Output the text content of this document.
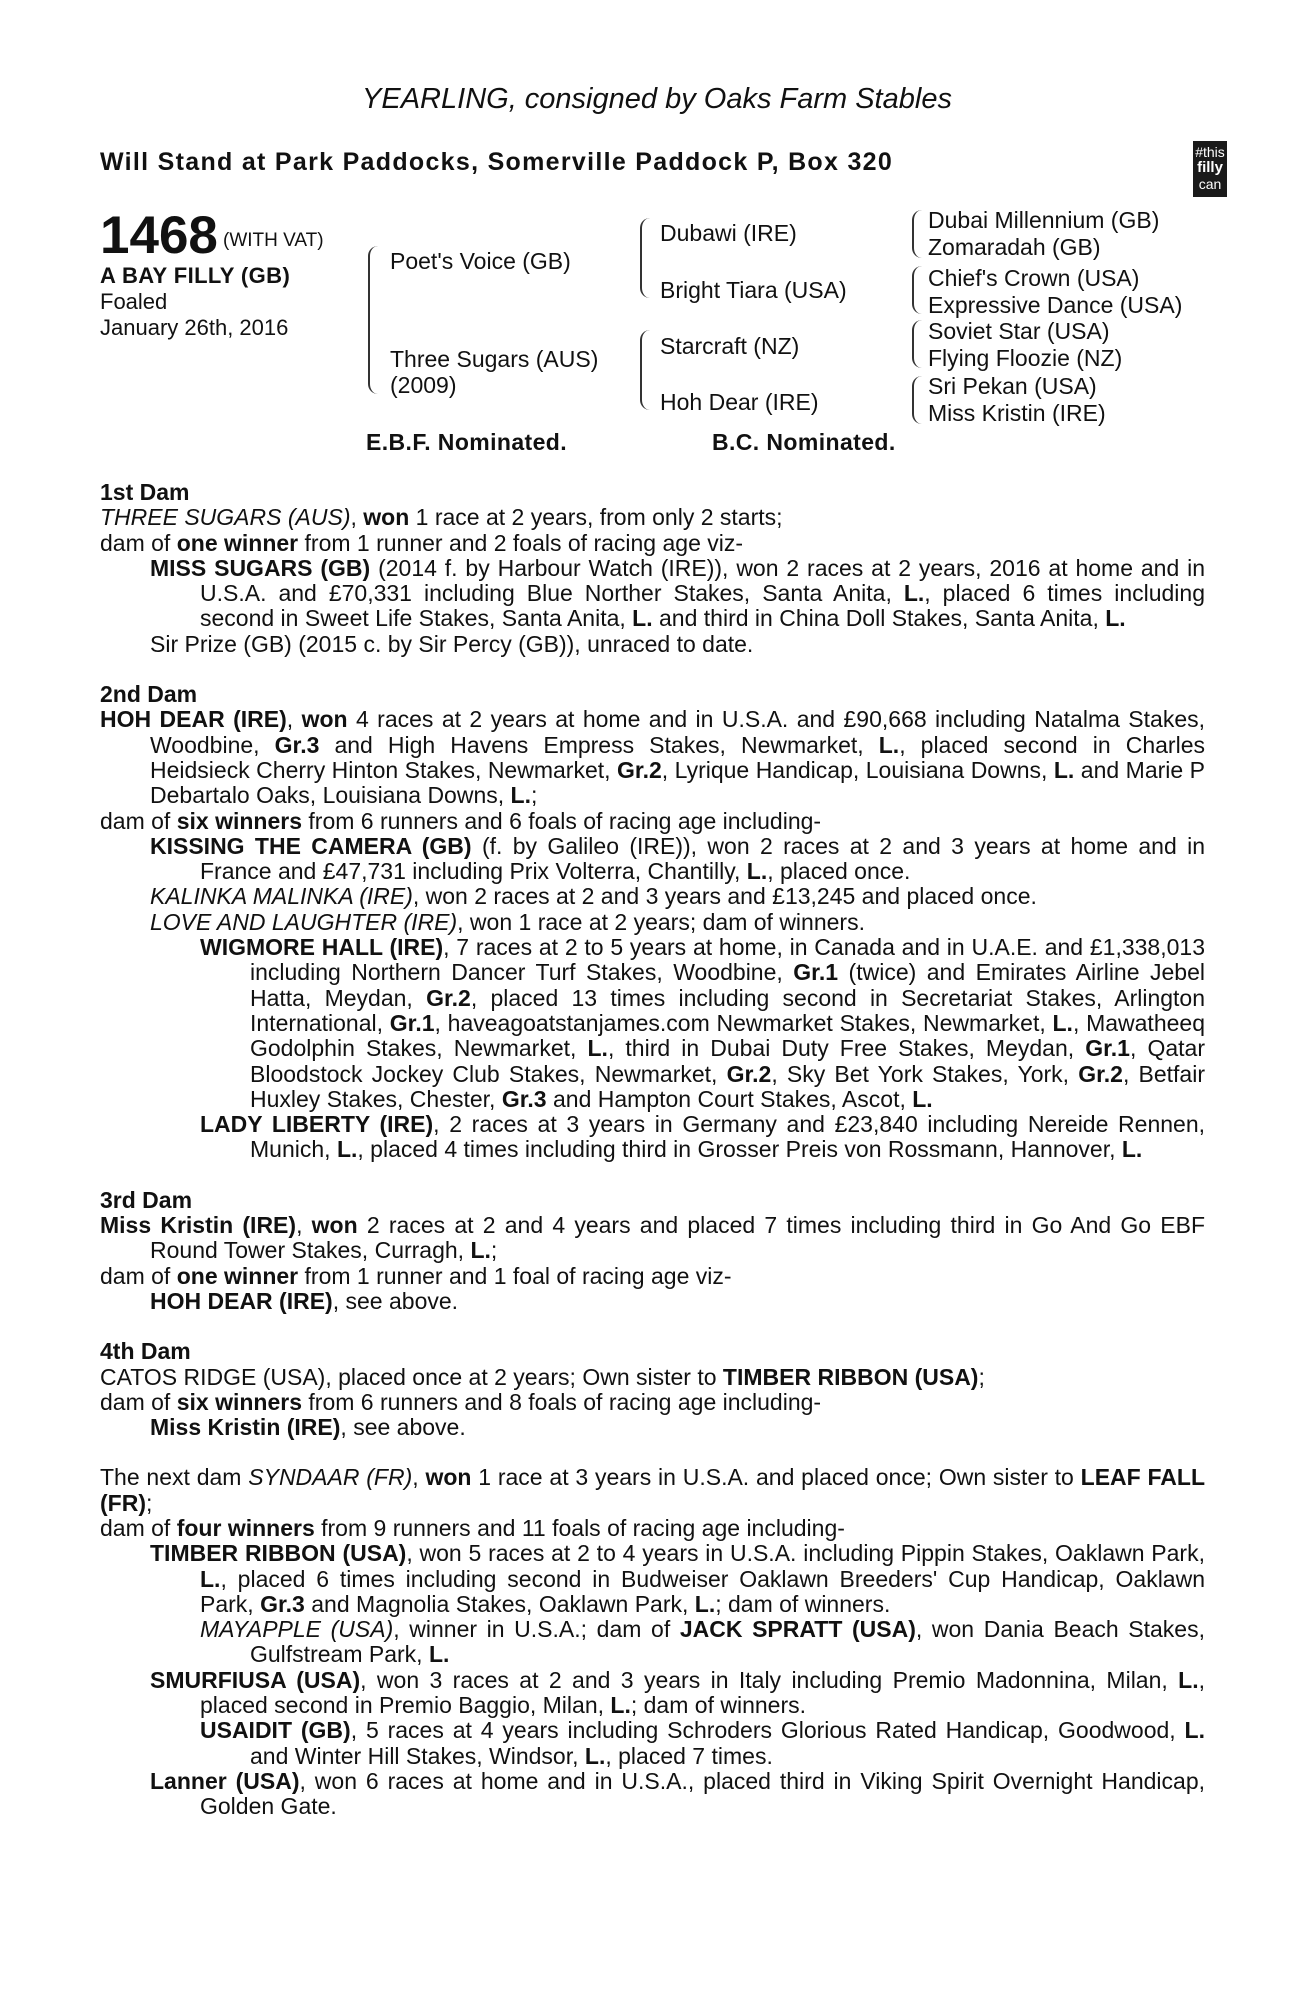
YEARLING, consigned by Oaks Farm Stables
Will Stand at Park Paddocks, Somerville Paddock P, Box 320	#this
filly
can
1468 (WITH VAT)
A BAY FILLY (GB)
Foaled
January 26th, 2016
Poet's Voice (GB)
Three Sugars (AUS)
(2009)
Dubawi (IRE)
Bright Tiara (USA)
Starcraft (NZ)
Hoh Dear (IRE)
Dubai Millennium (GB)
Zomaradah (GB)
Chief's Crown (USA)
Expressive Dance (USA)
Soviet Star (USA)
Flying Floozie (NZ)
Sri Pekan (USA)
Miss Kristin (IRE)
E.B.F. Nominated.	B.C. Nominated.
1st Dam
THREE SUGARS (AUS), won 1 race at 2 years, from only 2 starts;
dam of one winner from 1 runner and 2 foals of racing age viz-
MISS SUGARS (GB) (2014 f. by Harbour Watch (IRE)), won 2 races at 2 years, 2016 at home and in U.S.A. and £70,331 including Blue Norther Stakes, Santa Anita, L., placed 6 times including second in Sweet Life Stakes, Santa Anita, L. and third in China Doll Stakes, Santa Anita, L.
Sir Prize (GB) (2015 c. by Sir Percy (GB)), unraced to date.
2nd Dam
HOH DEAR (IRE), won 4 races at 2 years at home and in U.S.A. and £90,668 including Natalma Stakes, Woodbine, Gr.3 and High Havens Empress Stakes, Newmarket, L., placed second in Charles Heidsieck Cherry Hinton Stakes, Newmarket, Gr.2, Lyrique Handicap, Louisiana Downs, L. and Marie P Debartalo Oaks, Louisiana Downs, L.;
dam of six winners from 6 runners and 6 foals of racing age including-
KISSING THE CAMERA (GB) (f. by Galileo (IRE)), won 2 races at 2 and 3 years at home and in France and £47,731 including Prix Volterra, Chantilly, L., placed once.
KALINKA MALINKA (IRE), won 2 races at 2 and 3 years and £13,245 and placed once.
LOVE AND LAUGHTER (IRE), won 1 race at 2 years; dam of winners.
WIGMORE HALL (IRE), 7 races at 2 to 5 years at home, in Canada and in U.A.E. and £1,338,013 including Northern Dancer Turf Stakes, Woodbine, Gr.1 (twice) and Emirates Airline Jebel Hatta, Meydan, Gr.2, placed 13 times including second in Secretariat Stakes, Arlington International, Gr.1, haveagoatstanjames.com Newmarket Stakes, Newmarket, L., Mawatheeq Godolphin Stakes, Newmarket, L., third in Dubai Duty Free Stakes, Meydan, Gr.1, Qatar Bloodstock Jockey Club Stakes, Newmarket, Gr.2, Sky Bet York Stakes, York, Gr.2, Betfair Huxley Stakes, Chester, Gr.3 and Hampton Court Stakes, Ascot, L.
LADY LIBERTY (IRE), 2 races at 3 years in Germany and £23,840 including Nereide Rennen, Munich, L., placed 4 times including third in Grosser Preis von Rossmann, Hannover, L.
3rd Dam
Miss Kristin (IRE), won 2 races at 2 and 4 years and placed 7 times including third in Go And Go EBF Round Tower Stakes, Curragh, L.;
dam of one winner from 1 runner and 1 foal of racing age viz-
HOH DEAR (IRE), see above.
4th Dam
CATOS RIDGE (USA), placed once at 2 years; Own sister to TIMBER RIBBON (USA);
dam of six winners from 6 runners and 8 foals of racing age including-
Miss Kristin (IRE), see above.
The next dam SYNDAAR (FR), won 1 race at 3 years in U.S.A. and placed once; Own sister to LEAF FALL (FR);
dam of four winners from 9 runners and 11 foals of racing age including-
TIMBER RIBBON (USA), won 5 races at 2 to 4 years in U.S.A. including Pippin Stakes, Oaklawn Park, L., placed 6 times including second in Budweiser Oaklawn Breeders' Cup Handicap, Oaklawn Park, Gr.3 and Magnolia Stakes, Oaklawn Park, L.; dam of winners.
MAYAPPLE (USA), winner in U.S.A.; dam of JACK SPRATT (USA), won Dania Beach Stakes, Gulfstream Park, L.
SMURFIUSA (USA), won 3 races at 2 and 3 years in Italy including Premio Madonnina, Milan, L., placed second in Premio Baggio, Milan, L.; dam of winners.
USAIDIT (GB), 5 races at 4 years including Schroders Glorious Rated Handicap, Goodwood, L. and Winter Hill Stakes, Windsor, L., placed 7 times.
Lanner (USA), won 6 races at home and in U.S.A., placed third in Viking Spirit Overnight Handicap, Golden Gate.
